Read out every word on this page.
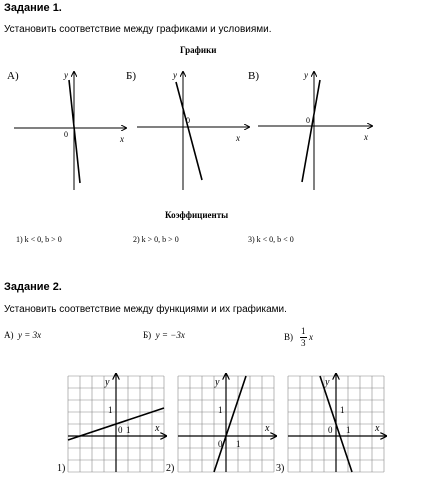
Задание 1.
Установить соответствие между графиками и условиями.
Графики
А)	Б)	В)
y
x
0
y
x
0
y
x
0
Коэффициенты
1) k < 0, b > 0	2) k > 0, b > 0	3) k < 0, b < 0
Задание 2.
Установить соответствие между функциями и их графиками.
А) y = 3x	Б) y = −3x	В)
1
3
x
y
x
1
0 1
1)
y
x
1
0 1
2)
y
x
1
0 1
3)
